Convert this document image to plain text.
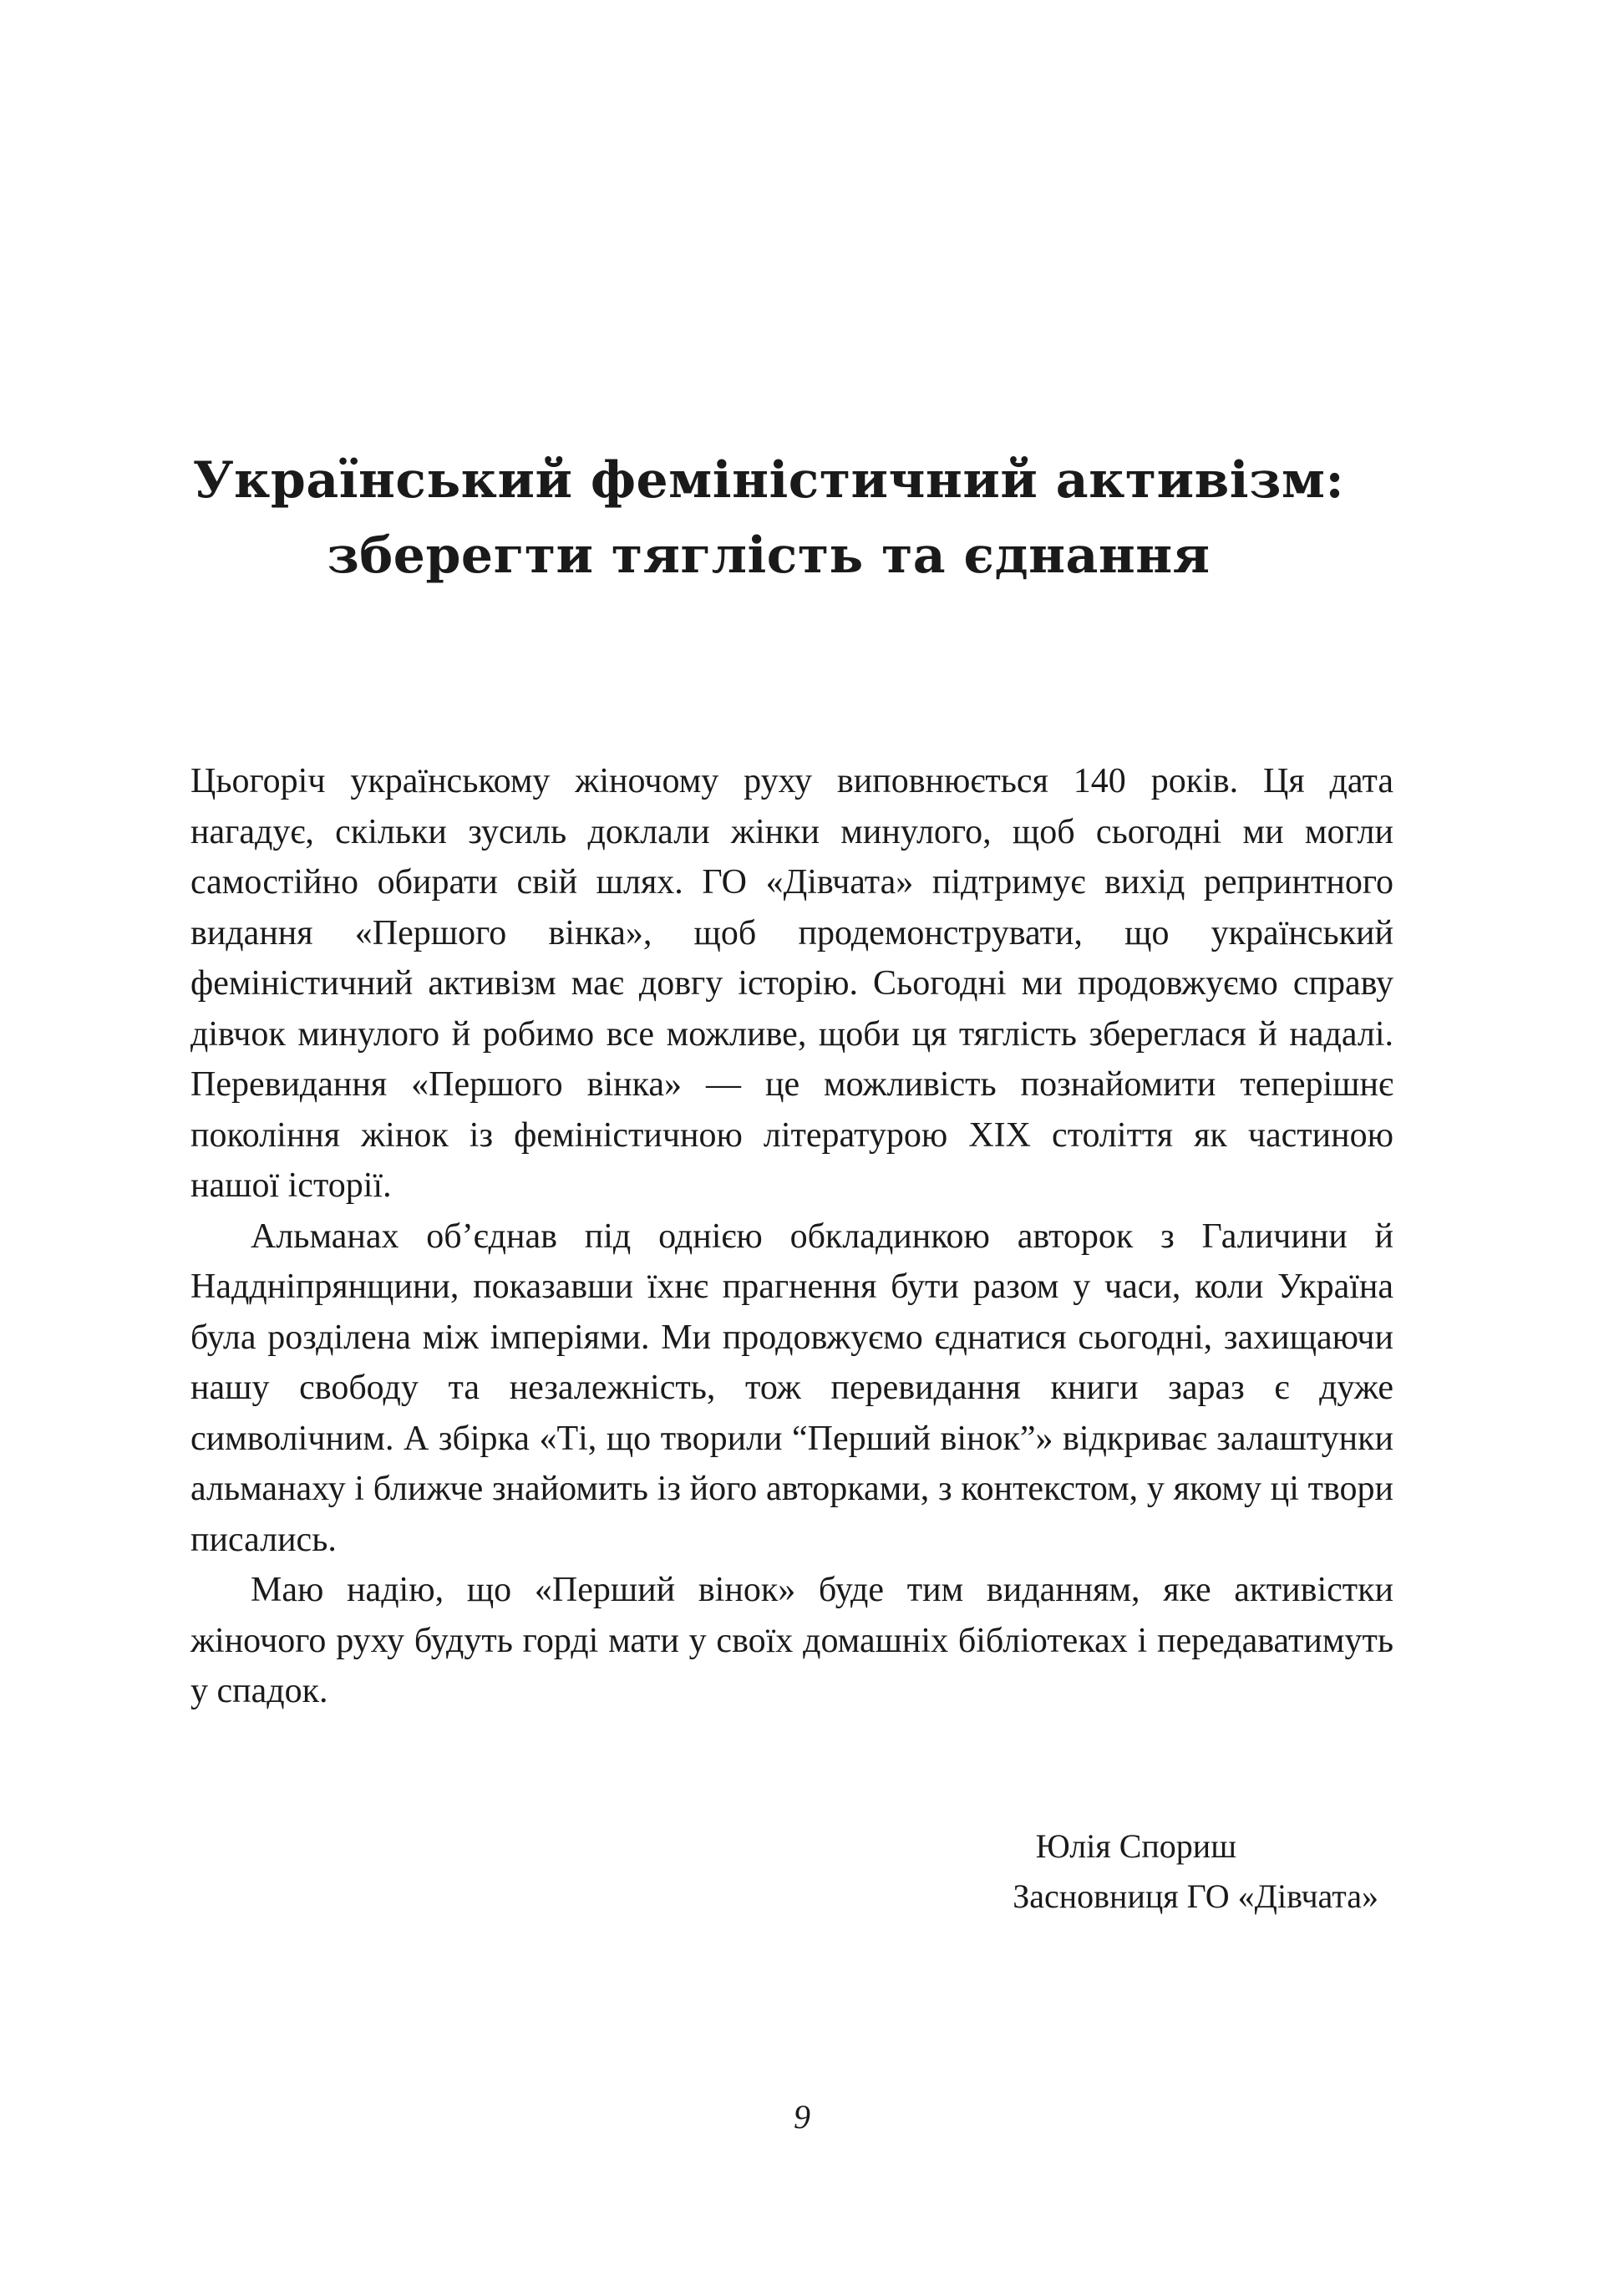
Український феміністичний активізм:
зберегти тяглість та єднання

Цьогоріч українському жіночому руху виповнюється 140 років. Ця дата нагадує, скільки зусиль доклали жінки минулого, щоб сьогодні ми могли самостійно обирати свій шлях. ГО «Дівчата» підтримує вихід репринтного видання «Першого вінка», щоб продемонструвати, що український феміністичний активізм має довгу історію. Сьогодні ми продовжуємо справу дівчок минулого й робимо все можливе, щоби ця тяглість збереглася й надалі. Перевидання «Першого вінка» — це можливість познайомити теперішнє покоління жінок із феміністичною літературою XIX століття як частиною нашої історії.

Альманах об’єднав під однією обкладинкою авторок з Галичини й Наддніпрянщини, показавши їхнє прагнення бути разом у часи, коли Україна була розділена між імперіями. Ми продовжуємо єднатися сьогодні, захищаючи нашу свободу та незалежність, тож перевидання книги зараз є дуже символічним. А збірка «Ті, що творили “Перший вінок”» відкриває залаштунки альманаху і ближче знайомить із його авторками, з контекстом, у якому ці твори писались.

Маю надію, що «Перший вінок» буде тим виданням, яке активістки жіночого руху будуть горді мати у своїх домашніх бібліотеках і передаватимуть у спадок.

Юлія Спориш
Засновниця ГО «Дівчата»
9
